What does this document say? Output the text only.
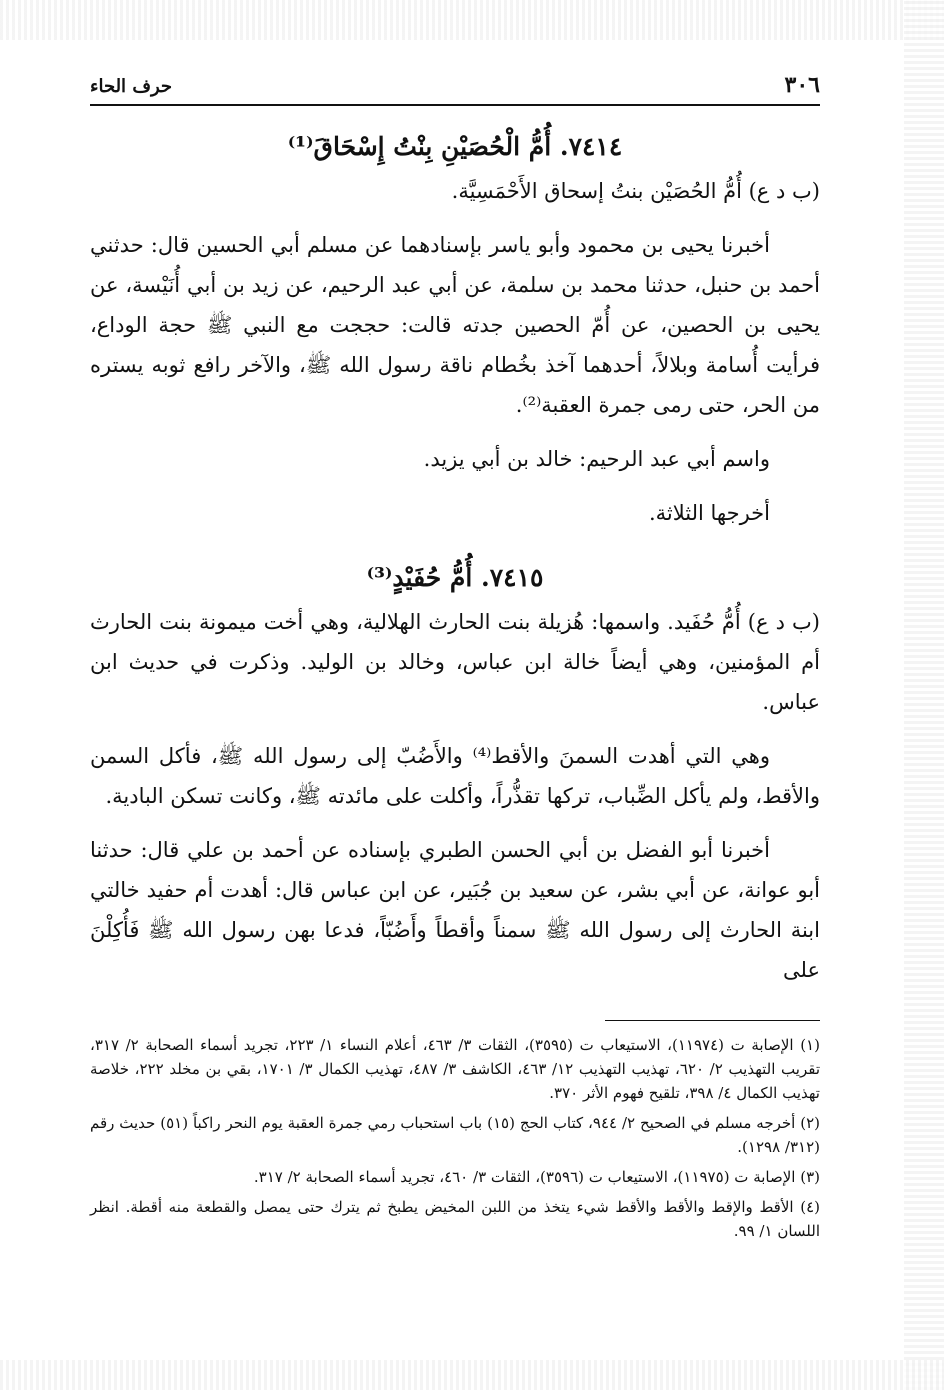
٣٠٦
حرف الحاء
٧٤١٤. أُمُّ الْحُصَيْنِ بِنْتُ إِسْحَاقَ⁽¹⁾

(ب د ع) أُمُّ الحُصَيْن بنتُ إسحاق الأَحْمَسِيَّة.

أخبرنا يحيى بن محمود وأبو ياسر بإسنادهما عن مسلم أبي الحسين قال: حدثني أحمد بن حنبل، حدثنا محمد بن سلمة، عن أبي عبد الرحيم، عن زيد بن أبي أُنَيْسة، عن يحيى بن الحصين، عن أُمّ الحصين جدته قالت: حججت مع النبي ﷺ حجة الوداع، فرأيت أُسامة وبلالاً، أحدهما آخذ بخُطام ناقة رسول الله ﷺ، والآخر رافع ثوبه يستره من الحر، حتى رمى جمرة العقبة⁽²⁾.

واسم أبي عبد الرحيم: خالد بن أبي يزيد.

أخرجها الثلاثة.

٧٤١٥. أُمُّ حُفَيْدٍ⁽³⁾

(ب د ع) أُمُّ حُفَيد. واسمها: هُزيلة بنت الحارث الهلالية، وهي أخت ميمونة بنت الحارث أم المؤمنين، وهي أيضاً خالة ابن عباس، وخالد بن الوليد. وذكرت في حديث ابن عباس.

وهي التي أهدت السمنَ والأقط⁽⁴⁾ والأَضُبّ إلى رسول الله ﷺ، فأكل السمن والأقط، ولم يأكل الضِّباب، تركها تقذُّراً، وأكلت على مائدته ﷺ، وكانت تسكن البادية.

أخبرنا أبو الفضل بن أبي الحسن الطبري بإسناده عن أحمد بن علي قال: حدثنا أبو عوانة، عن أبي بشر، عن سعيد بن جُبَير، عن ابن عباس قال: أهدت أم حفيد خالتي ابنة الحارث إلى رسول الله ﷺ سمناً وأقطاً وأَضُبّاً، فدعا بهن رسول الله ﷺ فَأُكِلْنَ على

(١) الإصابة ت (١١٩٧٤)، الاستيعاب ت (٣٥٩٥)، الثقات ٣/ ٤٦٣، أعلام النساء ١/ ٢٢٣، تجريد أسماء الصحابة ٢/ ٣١٧، تقريب التهذيب ٢/ ٦٢٠، تهذيب التهذيب ١٢/ ٤٦٣، الكاشف ٣/ ٤٨٧، تهذيب الكمال ٣/ ١٧٠١، بقي بن مخلد ٢٢٢، خلاصة تهذيب الكمال ٤/ ٣٩٨، تلقيح فهوم الأثر ٣٧٠.

(٢) أخرجه مسلم في الصحيح ٢/ ٩٤٤، كتاب الحج (١٥) باب استحباب رمي جمرة العقبة يوم النحر راكباً (٥١) حديث رقم (٣١٢/ ١٢٩٨).

(٣) الإصابة ت (١١٩٧٥)، الاستيعاب ت (٣٥٩٦)، الثقات ٣/ ٤٦٠، تجريد أسماء الصحابة ٢/ ٣١٧.

(٤) الأقط والإقط والأقط والأقط شيء يتخذ من اللبن المخيض يطبخ ثم يترك حتى يمصل والقطعة منه أقطة. انظر اللسان ١/ ٩٩.
